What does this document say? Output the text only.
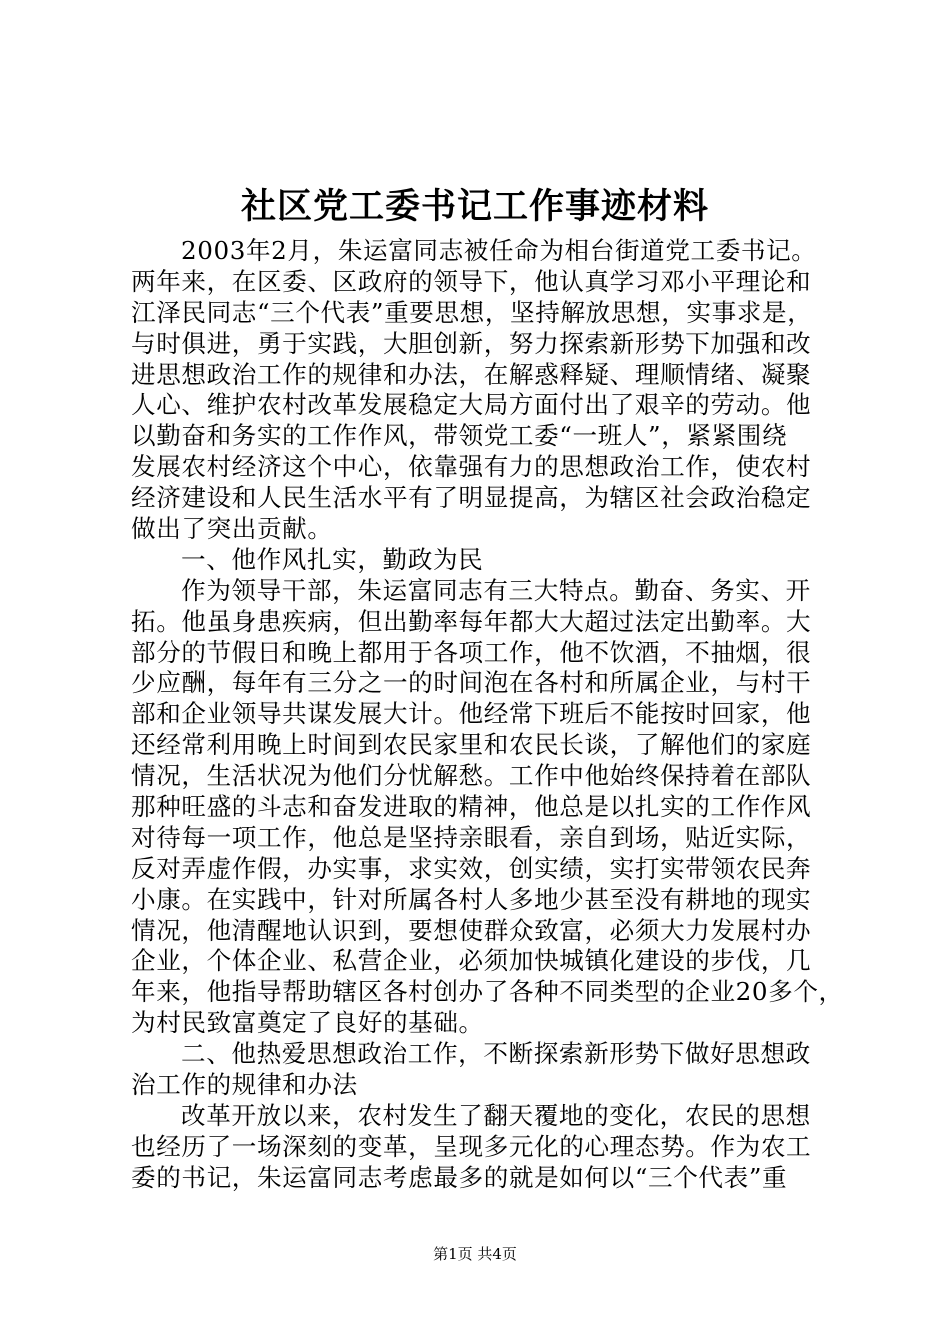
社区党工委书记工作事迹材料
2003年2月，朱运富同志被任命为相台街道党工委书记。
两年来，在区委、区政府的领导下，他认真学习邓小平理论和
江泽民同志“三个代表”重要思想，坚持解放思想，实事求是，
与时俱进，勇于实践，大胆创新，努力探索新形势下加强和改
进思想政治工作的规律和办法，在解惑释疑、理顺情绪、凝聚
人心、维护农村改革发展稳定大局方面付出了艰辛的劳动。他
以勤奋和务实的工作作风，带领党工委“一班人”，紧紧围绕
发展农村经济这个中心，依靠强有力的思想政治工作，使农村
经济建设和人民生活水平有了明显提高，为辖区社会政治稳定
做出了突出贡献。
一、他作风扎实，勤政为民
作为领导干部，朱运富同志有三大特点。勤奋、务实、开
拓。他虽身患疾病，但出勤率每年都大大超过法定出勤率。大
部分的节假日和晚上都用于各项工作，他不饮酒，不抽烟，很
少应酬，每年有三分之一的时间泡在各村和所属企业，与村干
部和企业领导共谋发展大计。他经常下班后不能按时回家，他
还经常利用晚上时间到农民家里和农民长谈，了解他们的家庭
情况，生活状况为他们分忧解愁。工作中他始终保持着在部队
那种旺盛的斗志和奋发进取的精神，他总是以扎实的工作作风
对待每一项工作，他总是坚持亲眼看，亲自到场，贴近实际，
反对弄虚作假，办实事，求实效，创实绩，实打实带领农民奔
小康。在实践中，针对所属各村人多地少甚至没有耕地的现实
情况，他清醒地认识到，要想使群众致富，必须大力发展村办
企业，个体企业、私营企业，必须加快城镇化建设的步伐，几
年来，他指导帮助辖区各村创办了各种不同类型的企业20多个，
为村民致富奠定了良好的基础。
二、他热爱思想政治工作，不断探索新形势下做好思想政
治工作的规律和办法
改革开放以来，农村发生了翻天覆地的变化，农民的思想
也经历了一场深刻的变革，呈现多元化的心理态势。作为农工
委的书记，朱运富同志考虑最多的就是如何以“三个代表”重
第1页 共4页
